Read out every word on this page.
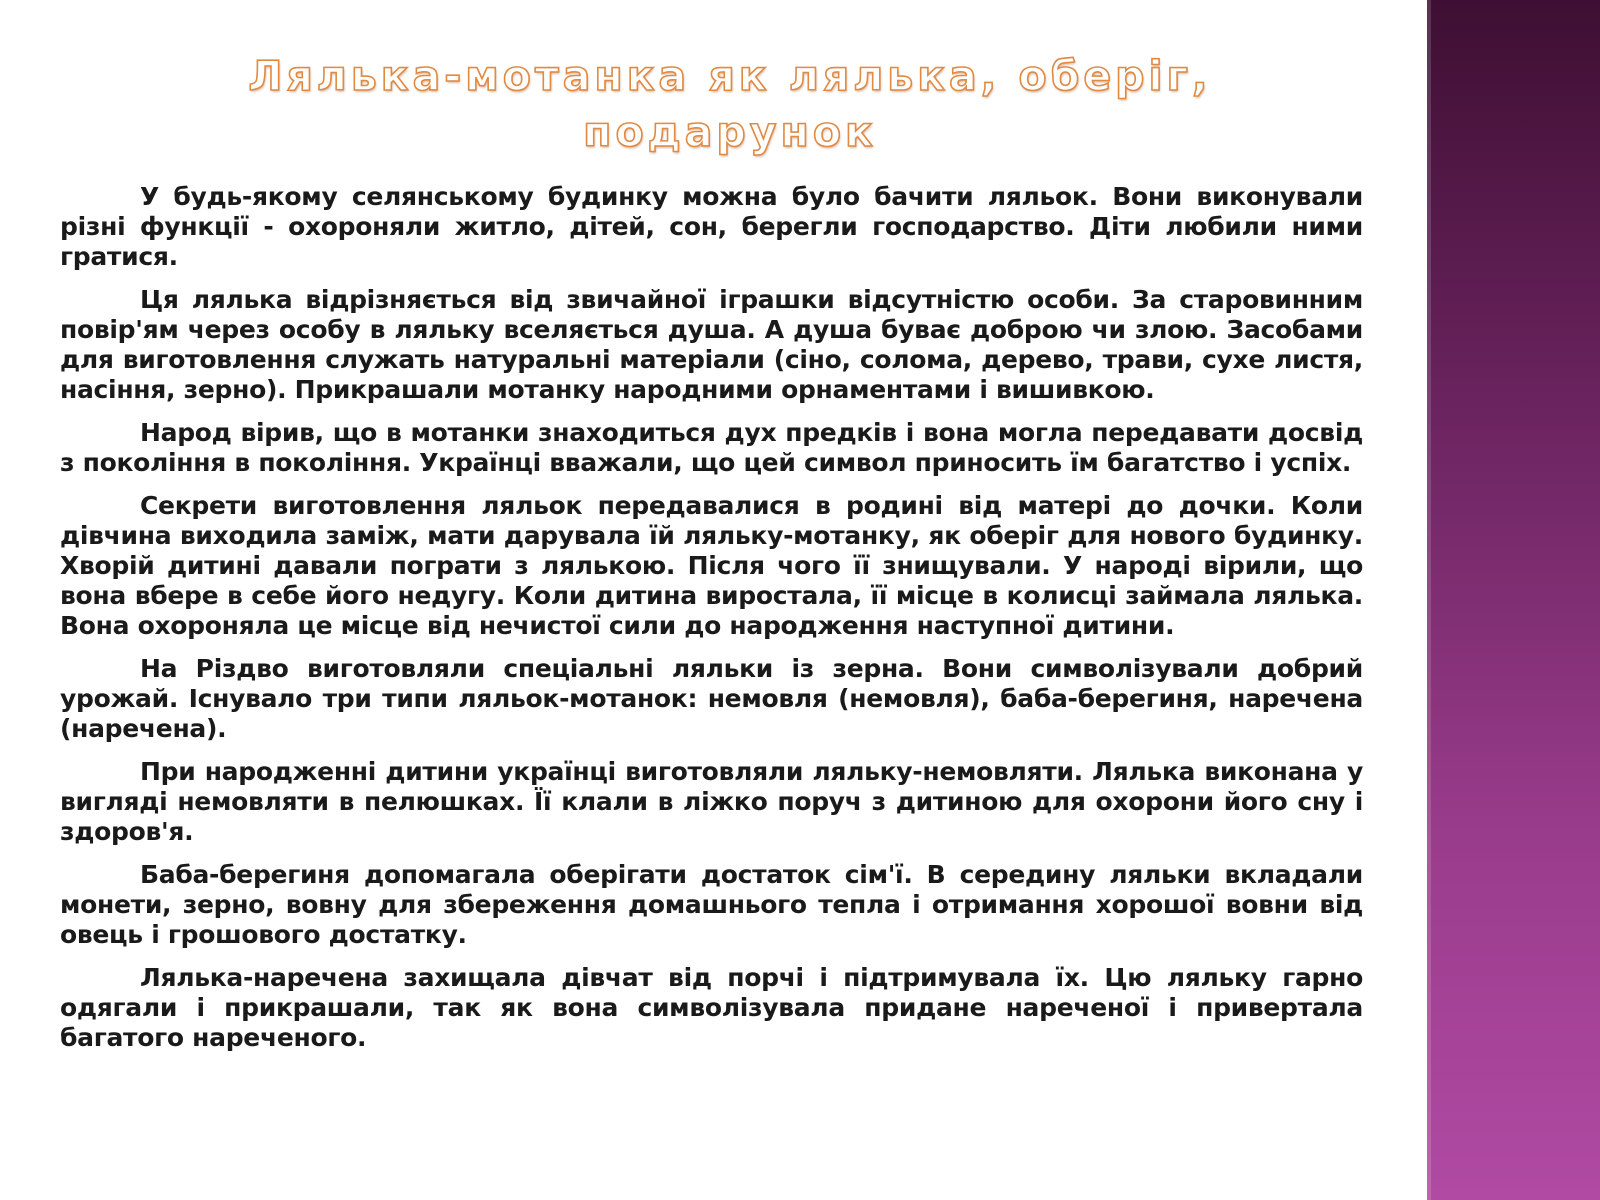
Лялька-мотанка як лялька, оберіг,
подарунок

У будь-якому селянському будинку можна було бачити ляльок. Вони виконували різні функції - охороняли житло, дітей, сон, берегли господарство. Діти любили ними гратися.

Ця лялька відрізняється від звичайної іграшки відсутністю особи. За старовинним повір'ям через особу в ляльку вселяється душа. А душа буває доброю чи злою. Засобами для виготовлення служать натуральні матеріали (сіно, солома, дерево, трави, сухе листя, насіння, зерно). Прикрашали мотанку народними орнаментами і вишивкою.

Народ вірив, що в мотанки знаходиться дух предків і вона могла передавати досвід з покоління в покоління. Українці вважали, що цей символ приносить їм багатство і успіх.

Секрети виготовлення ляльок передавалися в родині від матері до дочки. Коли дівчина виходила заміж, мати дарувала їй ляльку-мотанку, як оберіг для нового будинку. Хворій дитині давали пограти з лялькою. Після чого її знищували. У народі вірили, що вона вбере в себе його недугу. Коли дитина виростала, її місце в колисці займала лялька. Вона охороняла це місце від нечистої сили до народження наступної дитини.

На Різдво виготовляли спеціальні ляльки із зерна. Вони символізували добрий урожай. Існувало три типи ляльок-мотанок: немовля (немовля), баба-берегиня, наречена (наречена).

При народженні дитини українці виготовляли ляльку-немовляти. Лялька виконана у вигляді немовляти в пелюшках. Її клали в ліжко поруч з дитиною для охорони його сну і здоров'я.

Баба-берегиня допомагала оберігати достаток сім'ї. В середину ляльки вкладали монети, зерно, вовну для збереження домашнього тепла і отримання хорошої вовни від овець і грошового достатку.

Лялька-наречена захищала дівчат від порчі і підтримувала їх. Цю ляльку гарно одягали і прикрашали, так як вона символізувала придане нареченої і привертала багатого нареченого.
